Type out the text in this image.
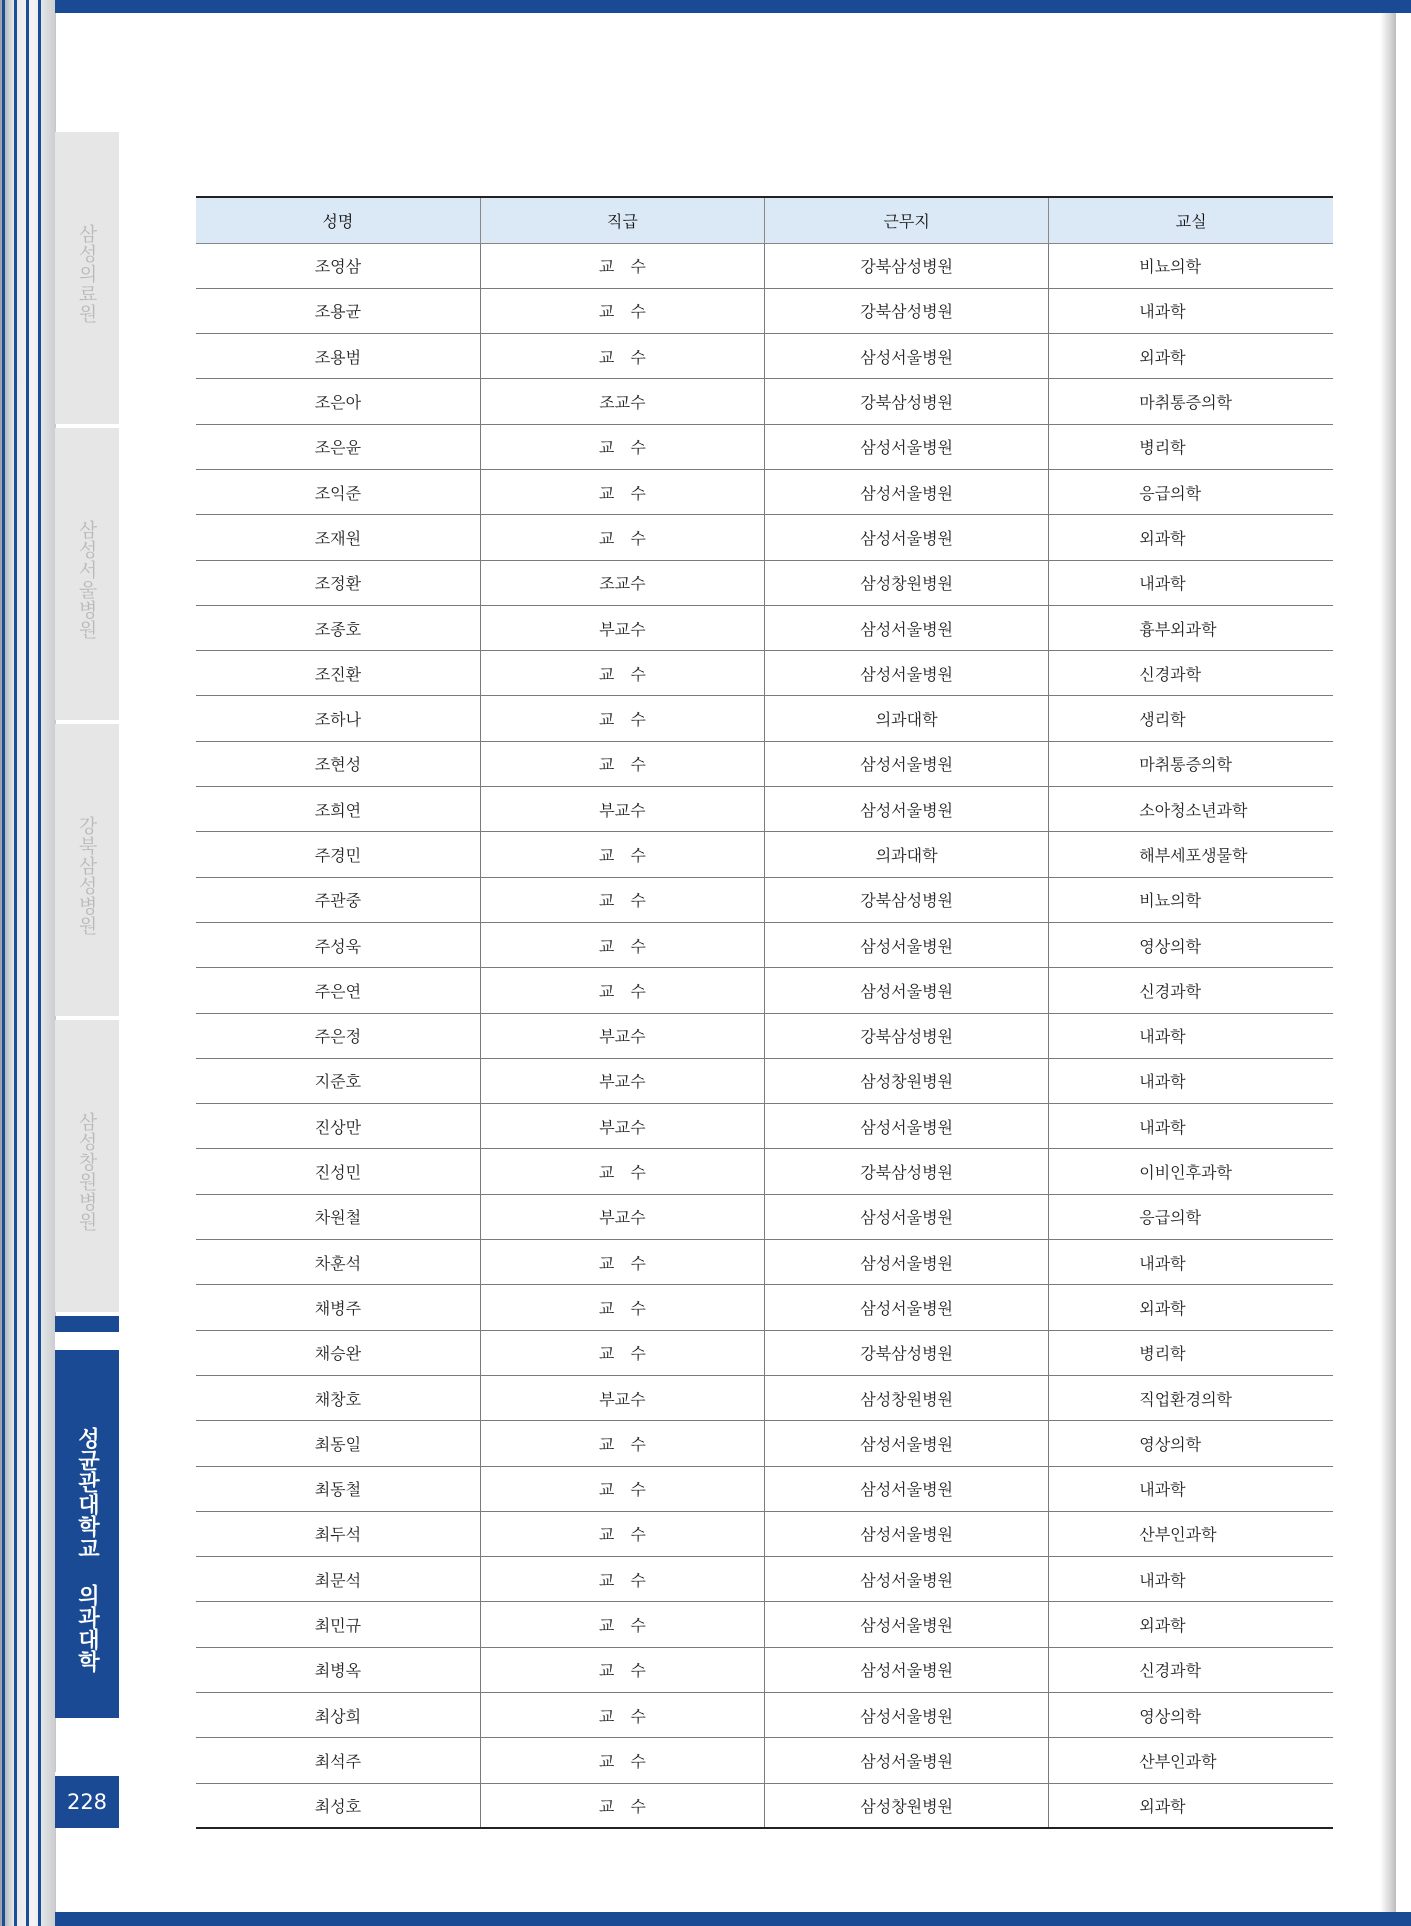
삼성의료원
삼성서울병원
강북삼성병원
삼성창원병원
성균관대학교 의과대학
228
성명	직급	근무지	교실
조영삼	교　수	강북삼성병원	비뇨의학
조용균	교　수	강북삼성병원	내과학
조용범	교　수	삼성서울병원	외과학
조은아	조교수	강북삼성병원	마취통증의학
조은윤	교　수	삼성서울병원	병리학
조익준	교　수	삼성서울병원	응급의학
조재원	교　수	삼성서울병원	외과학
조정환	조교수	삼성창원병원	내과학
조종호	부교수	삼성서울병원	흉부외과학
조진환	교　수	삼성서울병원	신경과학
조하나	교　수	의과대학	생리학
조현성	교　수	삼성서울병원	마취통증의학
조희연	부교수	삼성서울병원	소아청소년과학
주경민	교　수	의과대학	해부세포생물학
주관중	교　수	강북삼성병원	비뇨의학
주성욱	교　수	삼성서울병원	영상의학
주은연	교　수	삼성서울병원	신경과학
주은정	부교수	강북삼성병원	내과학
지준호	부교수	삼성창원병원	내과학
진상만	부교수	삼성서울병원	내과학
진성민	교　수	강북삼성병원	이비인후과학
차원철	부교수	삼성서울병원	응급의학
차훈석	교　수	삼성서울병원	내과학
채병주	교　수	삼성서울병원	외과학
채승완	교　수	강북삼성병원	병리학
채창호	부교수	삼성창원병원	직업환경의학
최동일	교　수	삼성서울병원	영상의학
최동철	교　수	삼성서울병원	내과학
최두석	교　수	삼성서울병원	산부인과학
최문석	교　수	삼성서울병원	내과학
최민규	교　수	삼성서울병원	외과학
최병옥	교　수	삼성서울병원	신경과학
최상희	교　수	삼성서울병원	영상의학
최석주	교　수	삼성서울병원	산부인과학
최성호	교　수	삼성창원병원	외과학
